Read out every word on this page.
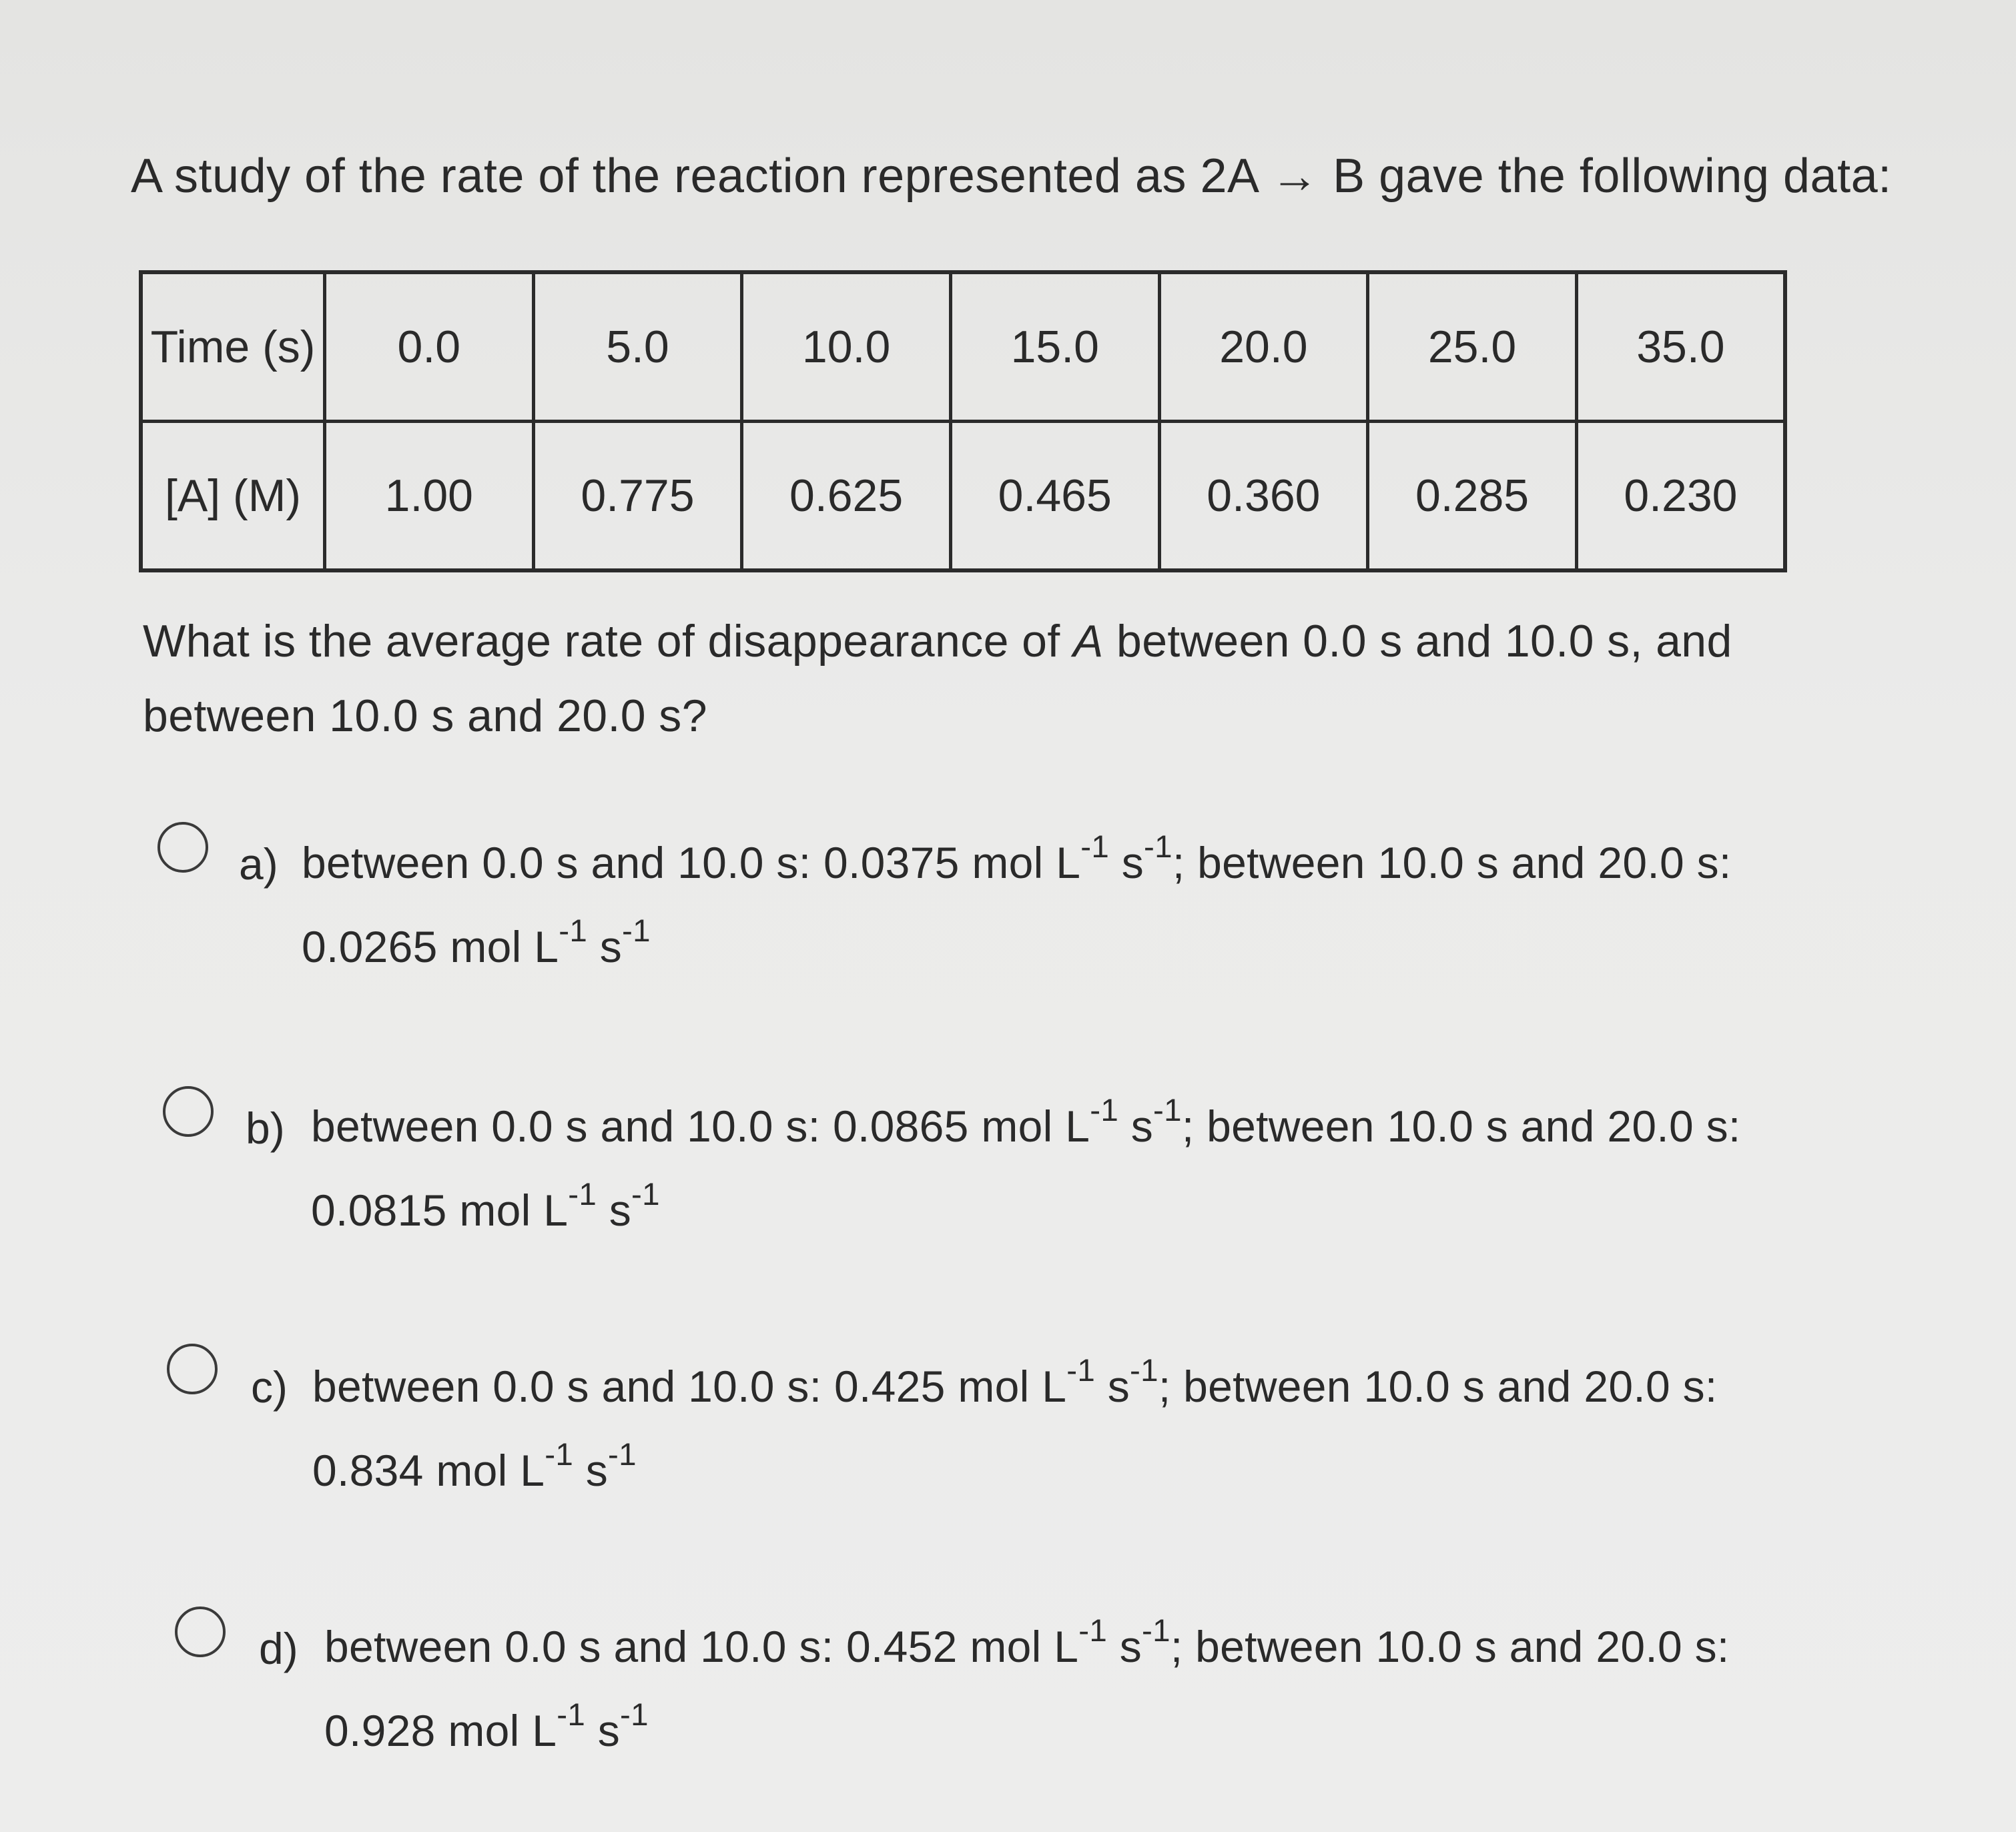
A study of the rate of the reaction represented as 2A → B gave the following data:
Time (s)	0.0	5.0	10.0	15.0	20.0	25.0	35.0
[A] (M)	1.00	0.775	0.625	0.465	0.360	0.285	0.230
What is the average rate of disappearance of A between 0.0 s and 10.0 s, and between 10.0 s and 20.0 s?
a) between 0.0 s and 10.0 s: 0.0375 mol $L^{-1}$ $s^{-1}$; between 10.0 s and 20.0 s:
0.0265 mol $L^{-1}$ $s^{-1}$
b) between 0.0 s and 10.0 s: 0.0865 mol $L^{-1}$ $s^{-1}$; between 10.0 s and 20.0 s:
0.0815 mol $L^{-1}$ $s^{-1}$
c) between 0.0 s and 10.0 s: 0.425 mol $L^{-1}$ $s^{-1}$; between 10.0 s and 20.0 s:
0.834 mol $L^{-1}$ $s^{-1}$
d) between 0.0 s and 10.0 s: 0.452 mol $L^{-1}$ $s^{-1}$; between 10.0 s and 20.0 s:
0.928 mol $L^{-1}$ $s^{-1}$
